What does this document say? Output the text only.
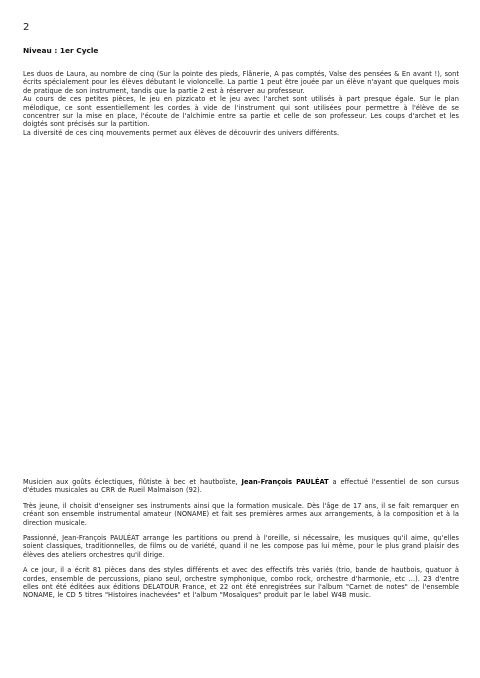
2
Niveau : 1er Cycle

Les duos de Laura, au nombre de cinq (Sur la pointe des pieds, Flânerie, A pas comptés, Valse des pensées & En avant !), sont écrits spécialement pour les élèves débutant le violoncelle. La partie 1 peut être jouée par un élève n'ayant que quelques mois de pratique de son instrument, tandis que la partie 2 est à réserver au professeur.

Au cours de ces petites pièces, le jeu en pizzicato et le jeu avec l'archet sont utilisés à part presque égale. Sur le plan mélodique, ce sont essentiellement les cordes à vide de l'instrument qui sont utilisées pour permettre à l'élève de se concentrer sur la mise en place, l'écoute de l'alchimie entre sa partie et celle de son professeur. Les coups d'archet et les doigtés sont précisés sur la partition.

La diversité de ces cinq mouvements permet aux élèves de découvrir des univers différents.

Musicien aux goûts éclectiques, flûtiste à bec et hautboïste, Jean-François PAULÉAT a effectué l'essentiel de son cursus d'études musicales au CRR de Rueil Malmaison (92).

Très jeune, il choisit d'enseigner ses instruments ainsi que la formation musicale. Dès l'âge de 17 ans, il se fait remarquer en créant son ensemble instrumental amateur (NONAME) et fait ses premières armes aux arrangements, à la composition et à la direction musicale.

Passionné, Jean-François PAULÉAT arrange les partitions ou prend à l'oreille, si nécessaire, les musiques qu'il aime, qu'elles soient classiques, traditionnelles, de films ou de variété, quand il ne les compose pas lui même, pour le plus grand plaisir des élèves des ateliers orchestres qu'il dirige.

A ce jour, il a écrit 81 pièces dans des styles différents et avec des effectifs très variés (trio, bande de hautbois, quatuor à cordes, ensemble de percussions, piano seul, orchestre symphonique, combo rock, orchestre d'harmonie, etc ...). 23 d'entre elles ont été éditées aux éditions DELATOUR France, et 22 ont été enregistrées sur l'album "Carnet de notes" de l'ensemble NONAME, le CD 5 titres "Histoires inachevées" et l'album "Mosaïques" produit par le label W4B music.
